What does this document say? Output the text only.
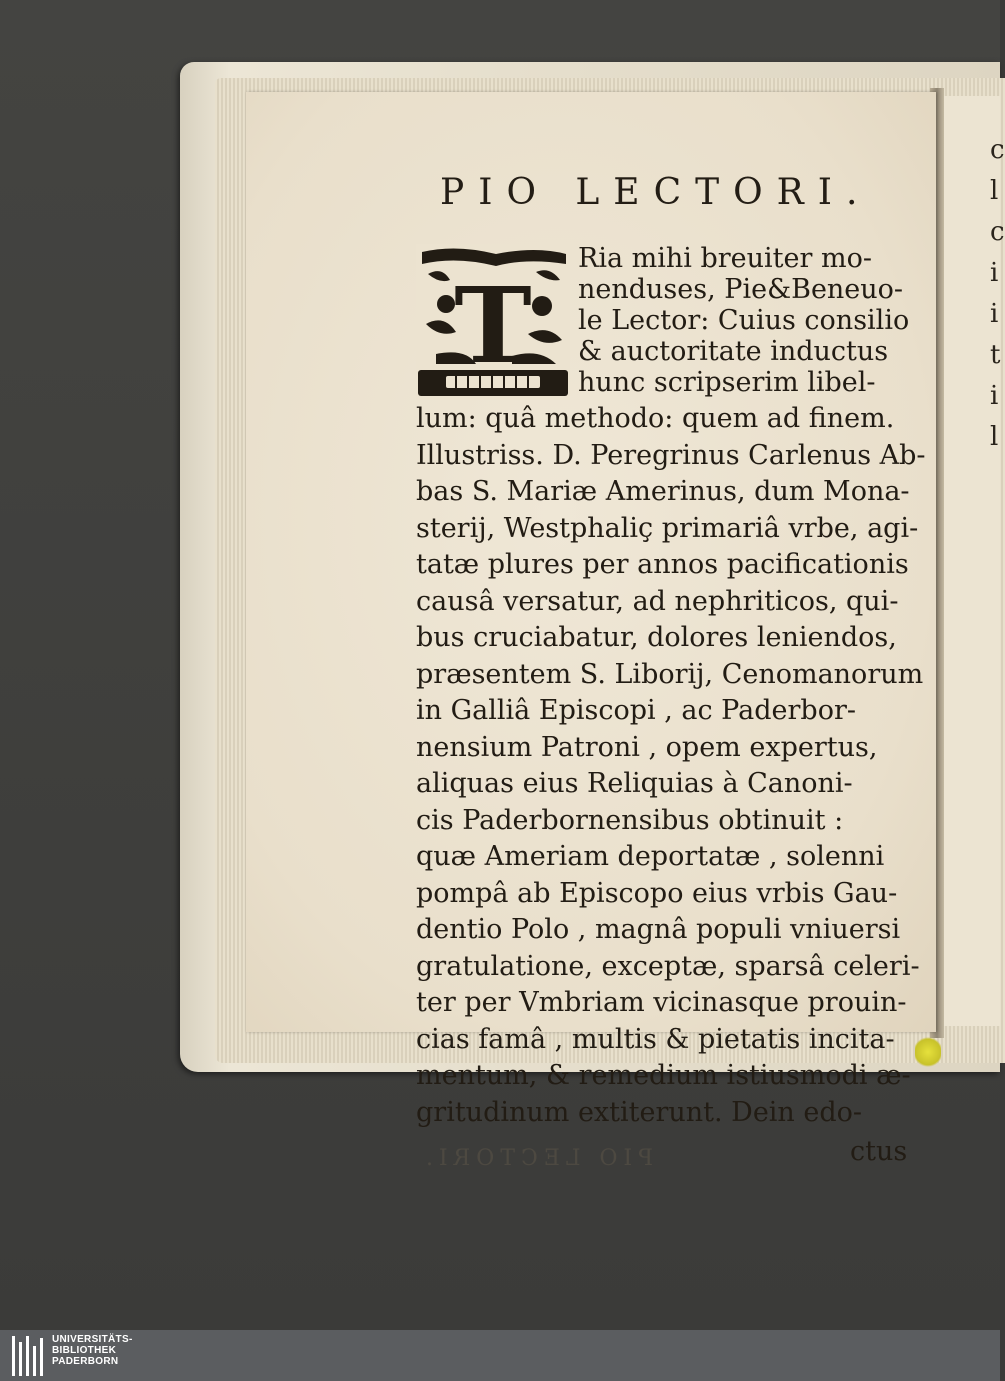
c
l
c
i
i
t
i
l
PIO LECTORI.
T
Ria mihi breuiter mo-
nenduses, Pie&Beneuo-
le Lector: Cuius consilio
& auctoritate inductus
hunc scripserim libel-
lum: quâ methodo: quem ad finem.
Illustriss. D. Peregrinus Carlenus Ab-
bas S. Mariæ Amerinus, dum Mona-
sterij, Westphaliç primariâ vrbe, agi-
tatæ plures per annos pacificationis
causâ versatur, ad nephriticos, qui-
bus cruciabatur, dolores leniendos,
præsentem S. Liborij, Cenomanorum
in Galliâ Episcopi , ac Paderbor-
nensium Patroni , opem expertus,
aliquas eius Reliquias à Canoni-
cis Paderbornensibus obtinuit :
quæ Ameriam deportatæ , solenni
pompâ ab Episcopo eius vrbis Gau-
dentio Polo , magnâ populi vniuersi
gratulatione, exceptæ, sparsâ celeri-
ter per Vmbriam vicinasque prouin-
cias famâ , multis & pietatis incita-
mentum, & remedium istiusmodi æ-
gritudinum extiterunt. Dein edo-
ctus
PIO LECTORI.
UNIVERSITÄTS-
BIBLIOTHEK
PADERBORN
